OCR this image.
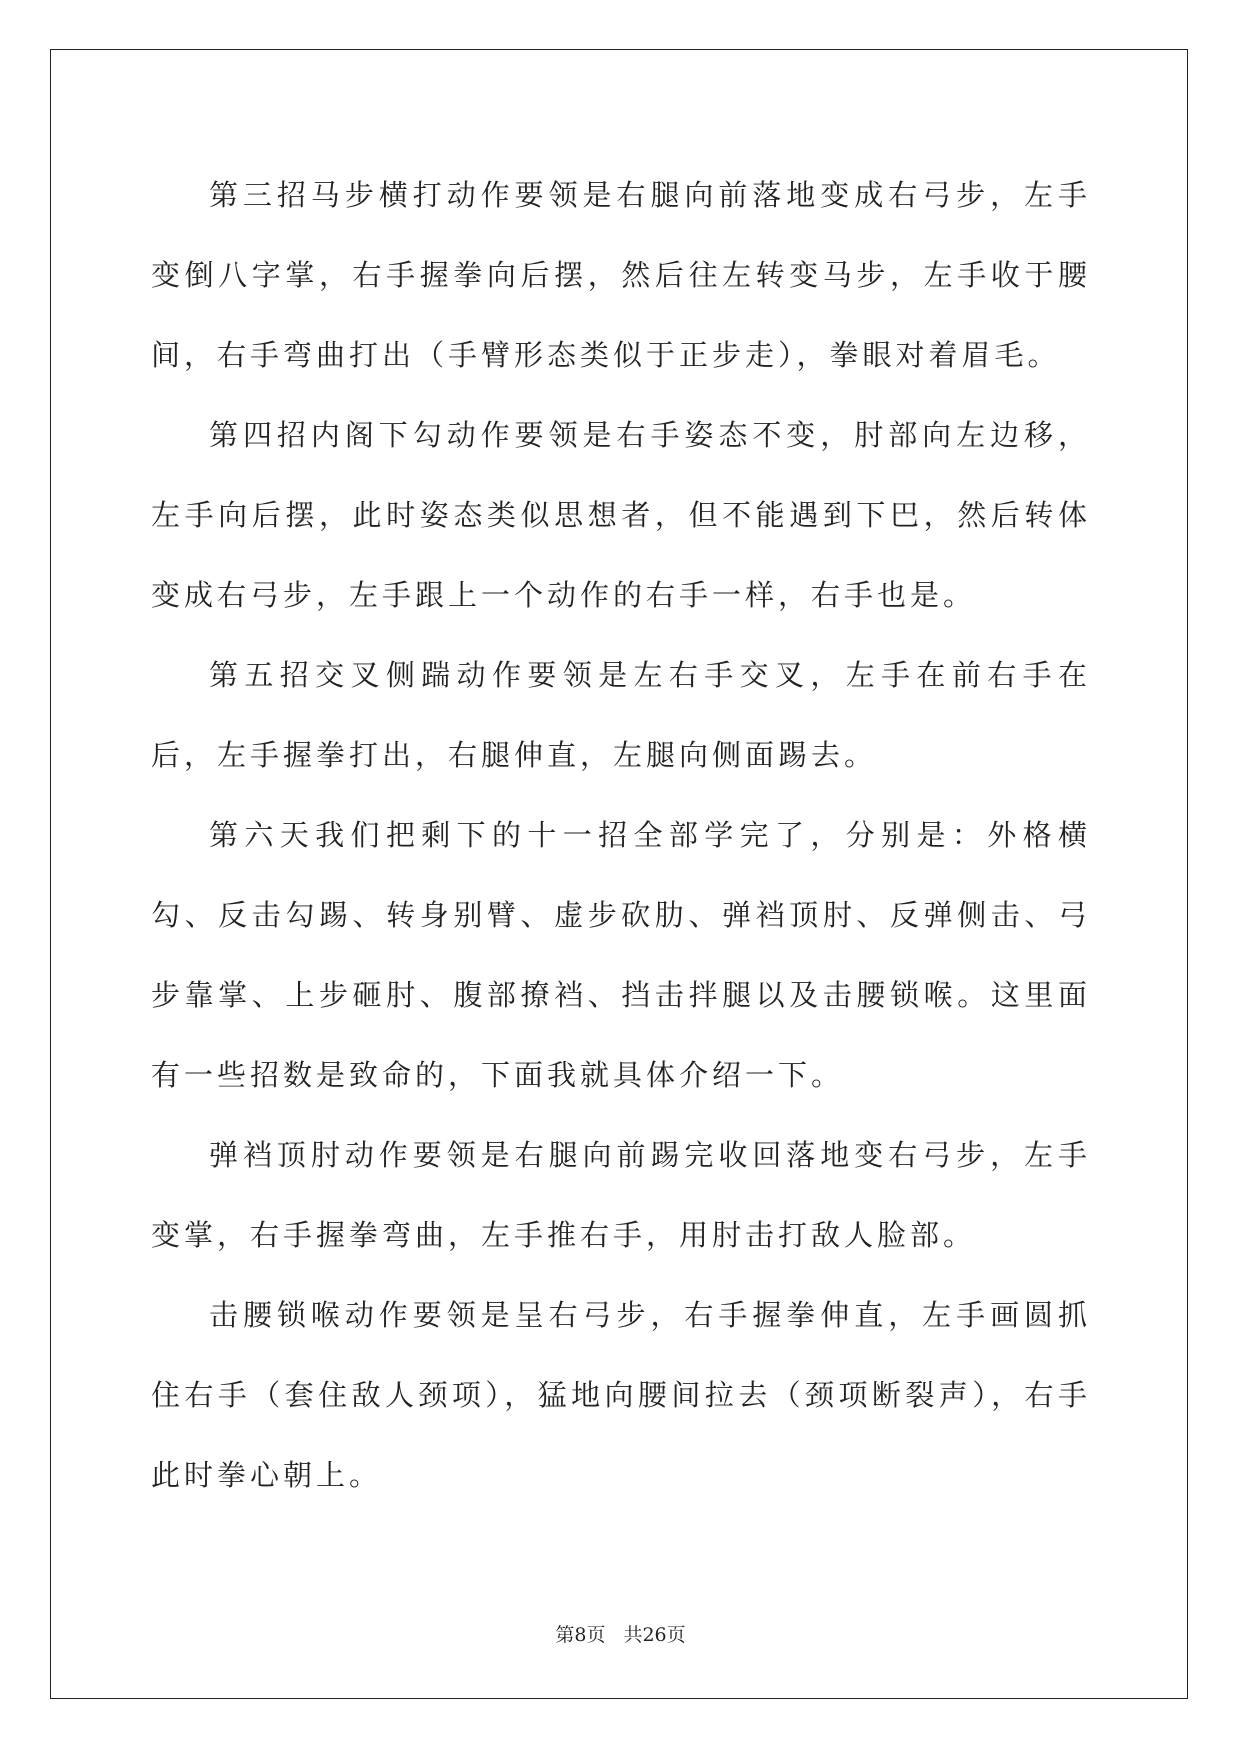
第三招马步横打动作要领是右腿向前落地变成右弓步，左手变倒八字掌，右手握拳向后摆，然后往左转变马步，左手收于腰间，右手弯曲打出（手臂形态类似于正步走），拳眼对着眉毛。

第四招内阁下勾动作要领是右手姿态不变，肘部向左边移，左手向后摆，此时姿态类似思想者，但不能遇到下巴，然后转体变成右弓步，左手跟上一个动作的右手一样，右手也是。

第五招交叉侧踹动作要领是左右手交叉，左手在前右手在后，左手握拳打出，右腿伸直，左腿向侧面踢去。

第六天我们把剩下的十一招全部学完了，分别是：外格横勾、反击勾踢、转身别臂、虚步砍肋、弹裆顶肘、反弹侧击、弓步靠掌、上步砸肘、腹部撩裆、挡击拌腿以及击腰锁喉。这里面有一些招数是致命的，下面我就具体介绍一下。

弹裆顶肘动作要领是右腿向前踢完收回落地变右弓步，左手变掌，右手握拳弯曲，左手推右手，用肘击打敌人脸部。

击腰锁喉动作要领是呈右弓步，右手握拳伸直，左手画圆抓住右手（套住敌人颈项），猛地向腰间拉去（颈项断裂声），右手此时拳心朝上。

第8页 共26页
